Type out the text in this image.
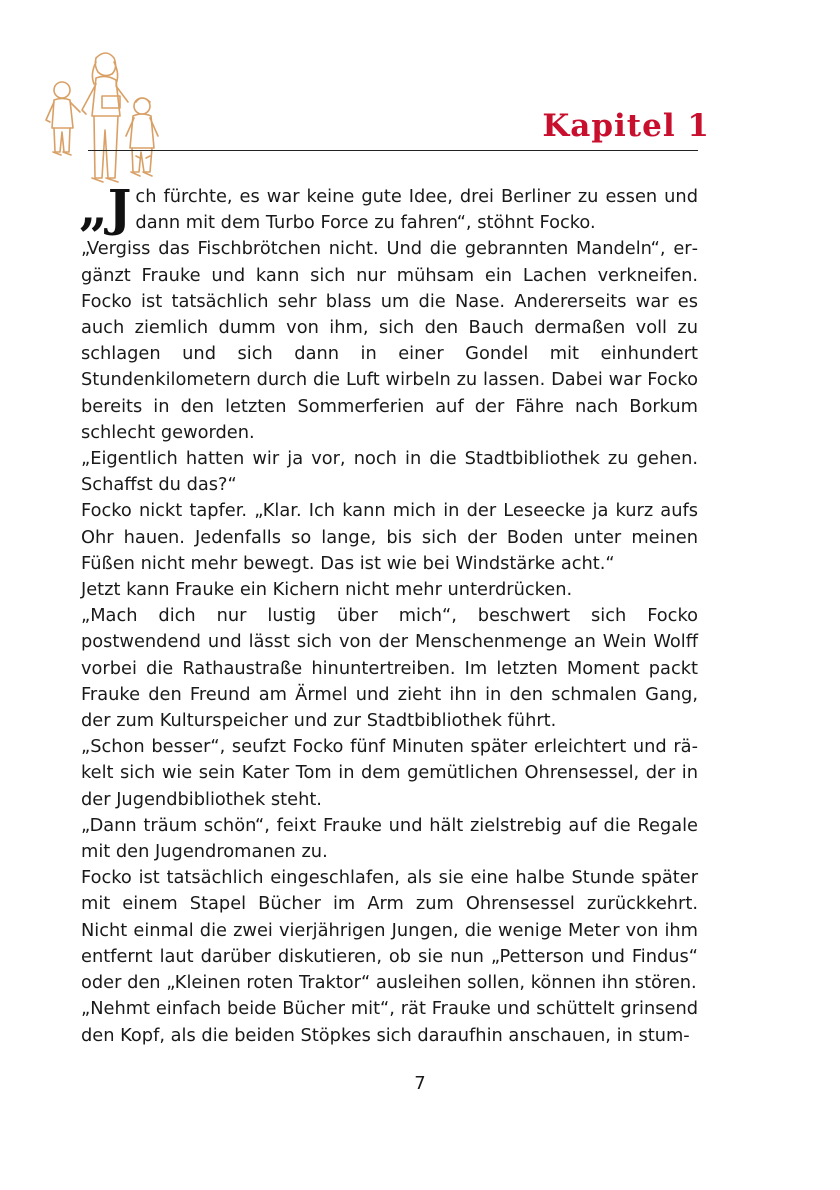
Kapitel 1

„Jch fürchte, es war keine gute Idee, drei Berliner zu essen und dann mit dem Turbo Force zu fahren“, stöhnt Focko.

„Vergiss das Fischbrötchen nicht. Und die gebrannten Mandeln“, ergänzt Frauke und kann sich nur mühsam ein Lachen verkneifen. Focko ist tatsächlich sehr blass um die Nase. Andererseits war es auch ziemlich dumm von ihm, sich den Bauch dermaßen voll zu schlagen und sich dann in einer Gondel mit einhundert Stundenkilometern durch die Luft wirbeln zu lassen. Dabei war Focko bereits in den letzten Sommerferien auf der Fähre nach Borkum schlecht geworden.

„Eigentlich hatten wir ja vor, noch in die Stadtbibliothek zu gehen. Schaffst du das?“

Focko nickt tapfer. „Klar. Ich kann mich in der Leseecke ja kurz aufs Ohr hauen. Jedenfalls so lange, bis sich der Boden unter meinen Füßen nicht mehr bewegt. Das ist wie bei Windstärke acht.“

Jetzt kann Frauke ein Kichern nicht mehr unterdrücken.

„Mach dich nur lustig über mich“, beschwert sich Focko postwendend und lässt sich von der Menschenmenge an Wein Wolff vorbei die Rathaustraße hinuntertreiben. Im letzten Moment packt Frauke den Freund am Ärmel und zieht ihn in den schmalen Gang, der zum Kulturspeicher und zur Stadtbibliothek führt.

„Schon besser“, seufzt Focko fünf Minuten später erleichtert und räkelt sich wie sein Kater Tom in dem gemütlichen Ohrensessel, der in der Jugendbibliothek steht.

„Dann träum schön“, feixt Frauke und hält zielstrebig auf die Regale mit den Jugendromanen zu.

Focko ist tatsächlich eingeschlafen, als sie eine halbe Stunde später mit einem Stapel Bücher im Arm zum Ohrensessel zurückkehrt. Nicht einmal die zwei vierjährigen Jungen, die wenige Meter von ihm entfernt laut darüber diskutieren, ob sie nun „Petterson und Findus“ oder den „Kleinen roten Traktor“ ausleihen sollen, können ihn stören.

„Nehmt einfach beide Bücher mit“, rät Frauke und schüttelt grinsend den Kopf, als die beiden Stöpkes sich daraufhin anschauen, in stum-

7
